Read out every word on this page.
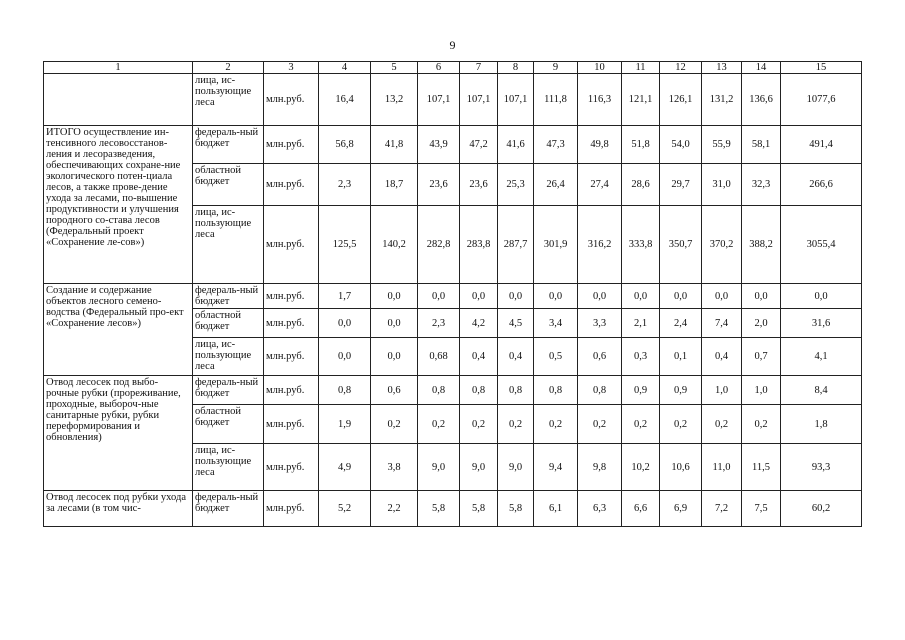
9
1	2	3	4	5	6	7	8	9	10	11	12	13	14	15
	лица, ис-пользующие леса	млн.руб.	16,4	13,2	107,1	107,1	107,1	111,8	116,3	121,1	126,1	131,2	136,6	1077,6
ИТОГО осуществление ин-тенсивного лесовосстанов-ления и лесоразведения, обеспечивающих сохране-ние экологического потен-циала лесов, а также прове-дение ухода за лесами, по-вышение продуктивности и улучшения породного со-става лесов (Федеральный проект «Сохранение ле-сов»)	федераль-ный бюджет	млн.руб.	56,8	41,8	43,9	47,2	41,6	47,3	49,8	51,8	54,0	55,9	58,1	491,4
	областной бюджет	млн.руб.	2,3	18,7	23,6	23,6	25,3	26,4	27,4	28,6	29,7	31,0	32,3	266,6
	лица, ис-пользующие леса	млн.руб.	125,5	140,2	282,8	283,8	287,7	301,9	316,2	333,8	350,7	370,2	388,2	3055,4
Создание и содержание объектов лесного семено-водства (Федеральный про-ект «Сохранение лесов»)	федераль-ный бюджет	млн.руб.	1,7	0,0	0,0	0,0	0,0	0,0	0,0	0,0	0,0	0,0	0,0	0,0
	областной бюджет	млн.руб.	0,0	0,0	2,3	4,2	4,5	3,4	3,3	2,1	2,4	7,4	2,0	31,6
	лица, ис-пользующие леса	млн.руб.	0,0	0,0	0,68	0,4	0,4	0,5	0,6	0,3	0,1	0,4	0,7	4,1
Отвод лесосек под выбо-рочные рубки (прореживание, проходные, выбороч-ные санитарные рубки, рубки переформирования и обновления)	федераль-ный бюджет	млн.руб.	0,8	0,6	0,8	0,8	0,8	0,8	0,8	0,9	0,9	1,0	1,0	8,4
	областной бюджет	млн.руб.	1,9	0,2	0,2	0,2	0,2	0,2	0,2	0,2	0,2	0,2	0,2	1,8
	лица, ис-пользующие леса	млн.руб.	4,9	3,8	9,0	9,0	9,0	9,4	9,8	10,2	10,6	11,0	11,5	93,3
Отвод лесосек под рубки ухода за лесами (в том чис-	федераль-ный бюджет	млн.руб.	5,2	2,2	5,8	5,8	5,8	6,1	6,3	6,6	6,9	7,2	7,5	60,2
